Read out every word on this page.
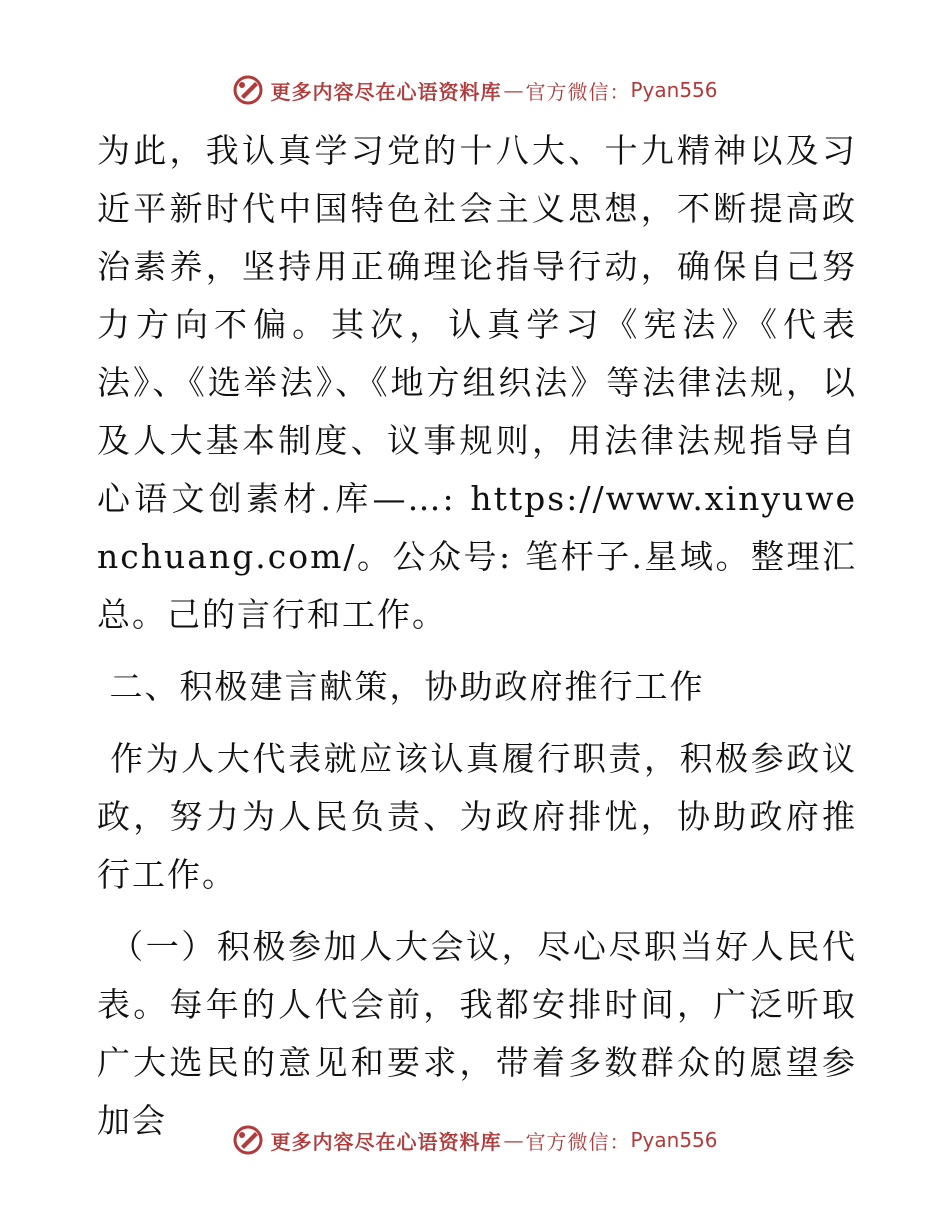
更多内容尽在心语资料库 — 官方微信： Pyan556

为此，我认真学习党的十八大、十九精神以及习近平新时代中国特色社会主义思想，不断提高政治素养，坚持用正确理论指导行动，确保自己努力方向不偏。其次，认真学习《宪法》《代表法》、《选举法》、《地方组织法》等法律法规，以及人大基本制度、议事规则，用法律法规指导自心语文创素材.库—…: https://www.xinyuwenchuang.com/。公众号: 笔杆子.星域。整理汇总。己的言行和工作。

二、积极建言献策，协助政府推行工作

作为人大代表就应该认真履行职责，积极参政议政，努力为人民负责、为政府排忧，协助政府推行工作。

（一）积极参加人大会议，尽心尽职当好人民代表。每年的人代会前，我都安排时间，广泛听取广大选民的意见和要求，带着多数群众的愿望参加会

更多内容尽在心语资料库 — 官方微信： Pyan556
